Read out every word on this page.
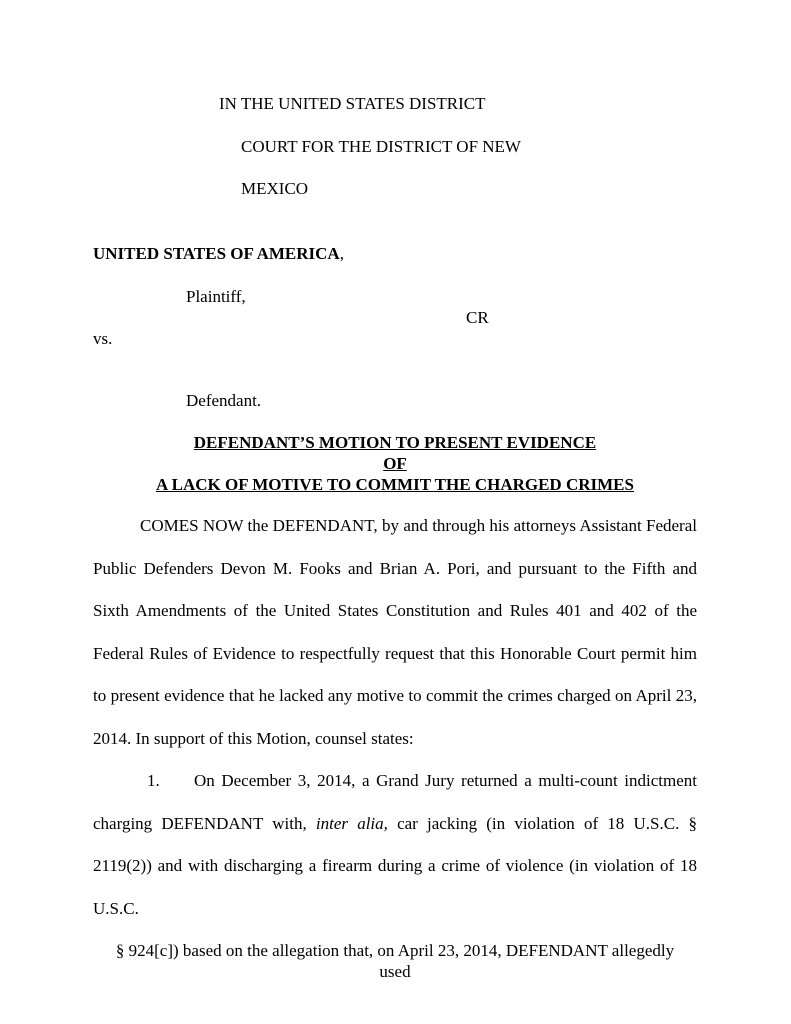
IN THE UNITED STATES DISTRICT
COURT FOR THE DISTRICT OF NEW
MEXICO
UNITED STATES OF AMERICA,
Plaintiff,
CR
vs.
Defendant.
DEFENDANT’S MOTION TO PRESENT EVIDENCE
OF
A LACK OF MOTIVE TO COMMIT THE CHARGED CRIMES
COMES NOW the DEFENDANT, by and through his attorneys Assistant Federal Public Defenders Devon M. Fooks and Brian A. Pori, and pursuant to the Fifth and Sixth Amendments of the United States Constitution and Rules 401 and 402 of the Federal Rules of Evidence to respectfully request that this Honorable Court permit him to present evidence that he lacked any motive to commit the crimes charged on April 23, 2014. In support of this Motion, counsel states:
1. On December 3, 2014, a Grand Jury returned a multi-count indictment charging DEFENDANT with, inter alia, car jacking (in violation of 18 U.S.C. § 2119(2)) and with discharging a firearm during a crime of violence (in violation of 18 U.S.C.
§ 924[c]) based on the allegation that, on April 23, 2014, DEFENDANT allegedly
used
